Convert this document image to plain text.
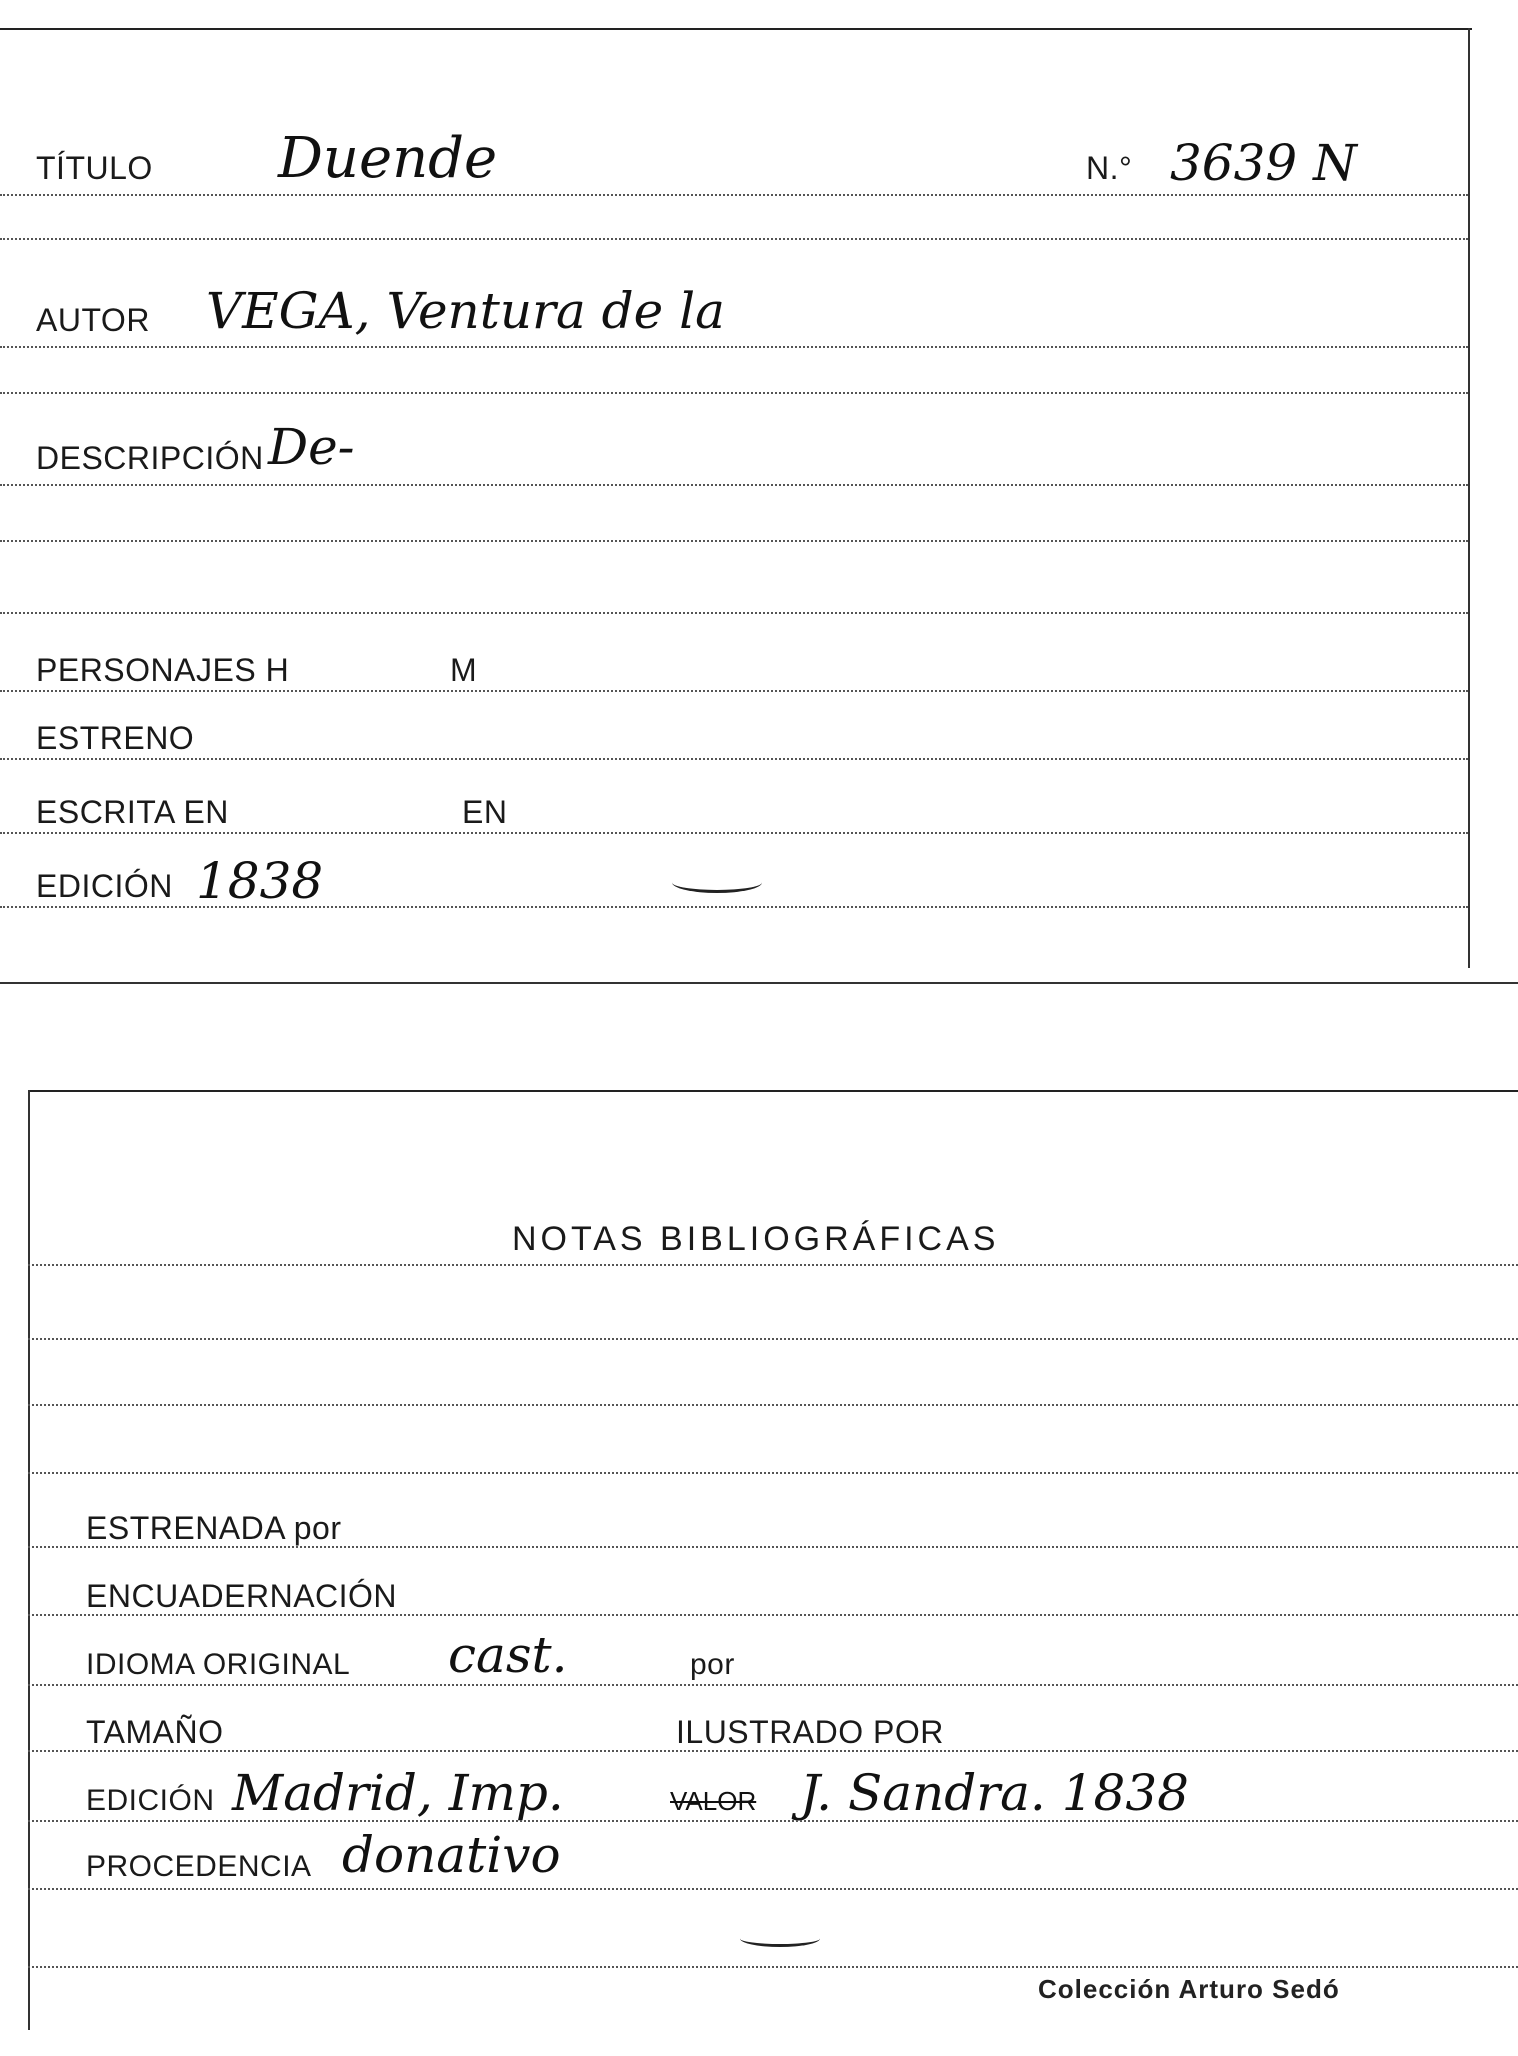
TÍTULO Duende	N.° 3639 N
AUTOR VEGA, Ventura de la
DESCRIPCIÓN De-
PERSONAJES H	M
ESTRENO
ESCRITA EN	EN
EDICIÓN 1838
NOTAS BIBLIOGRÁFICAS
ESTRENADA por
ENCUADERNACIÓN
IDIOMA ORIGINAL cast.	por
TAMAÑO	ILUSTRADO POR
EDICIÓN Madrid, Imp.	VALOR J. Sandra. 1838
PROCEDENCIA donativo
Colección Arturo Sedó
